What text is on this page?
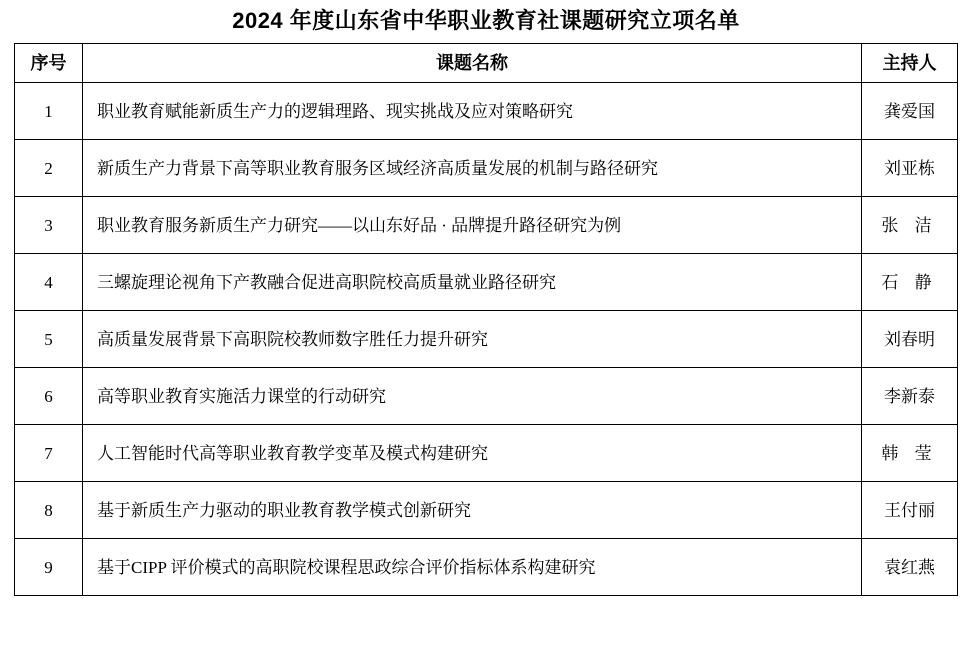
2024 年度山东省中华职业教育社课题研究立项名单
序号	课题名称	主持人
1	职业教育赋能新质生产力的逻辑理路、现实挑战及应对策略研究	龚爱国
2	新质生产力背景下高等职业教育服务区域经济高质量发展的机制与路径研究	刘亚栋
3	职业教育服务新质生产力研究——以山东好品 · 品牌提升路径研究为例	张 洁
4	三螺旋理论视角下产教融合促进高职院校高质量就业路径研究	石 静
5	高质量发展背景下高职院校教师数字胜任力提升研究	刘春明
6	高等职业教育实施活力课堂的行动研究	李新泰
7	人工智能时代高等职业教育教学变革及模式构建研究	韩 莹
8	基于新质生产力驱动的职业教育教学模式创新研究	王付丽
9	基于CIPP 评价模式的高职院校课程思政综合评价指标体系构建研究	袁红燕
